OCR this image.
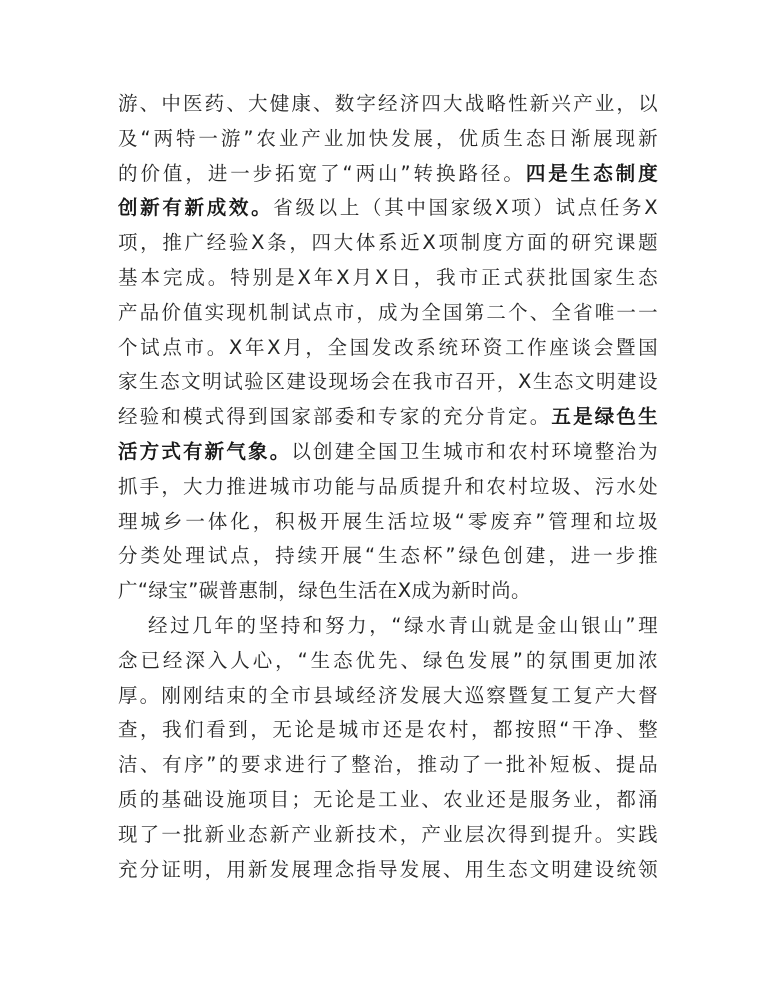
游、中医药、大健康、数字经济四大战略性新兴产业，以
及“两特一游”农业产业加快发展，优质生态日渐展现新
的价值，进一步拓宽了“两山”转换路径。四是生态制度
创新有新成效。省级以上（其中国家级X项）试点任务X
项，推广经验X条，四大体系近X项制度方面的研究课题
基本完成。特别是X年X月X日，我市正式获批国家生态
产品价值实现机制试点市，成为全国第二个、全省唯一一
个试点市。X年X月，全国发改系统环资工作座谈会暨国
家生态文明试验区建设现场会在我市召开，X生态文明建设
经验和模式得到国家部委和专家的充分肯定。五是绿色生
活方式有新气象。以创建全国卫生城市和农村环境整治为
抓手，大力推进城市功能与品质提升和农村垃圾、污水处
理城乡一体化，积极开展生活垃圾“零废弃”管理和垃圾
分类处理试点，持续开展“生态杯”绿色创建，进一步推
广“绿宝”碳普惠制，绿色生活在X成为新时尚。
经过几年的坚持和努力，“绿水青山就是金山银山”理
念已经深入人心，“生态优先、绿色发展”的氛围更加浓
厚。刚刚结束的全市县域经济发展大巡察暨复工复产大督
查，我们看到，无论是城市还是农村，都按照“干净、整
洁、有序”的要求进行了整治，推动了一批补短板、提品
质的基础设施项目；无论是工业、农业还是服务业，都涌
现了一批新业态新产业新技术，产业层次得到提升。实践
充分证明，用新发展理念指导发展、用生态文明建设统领
